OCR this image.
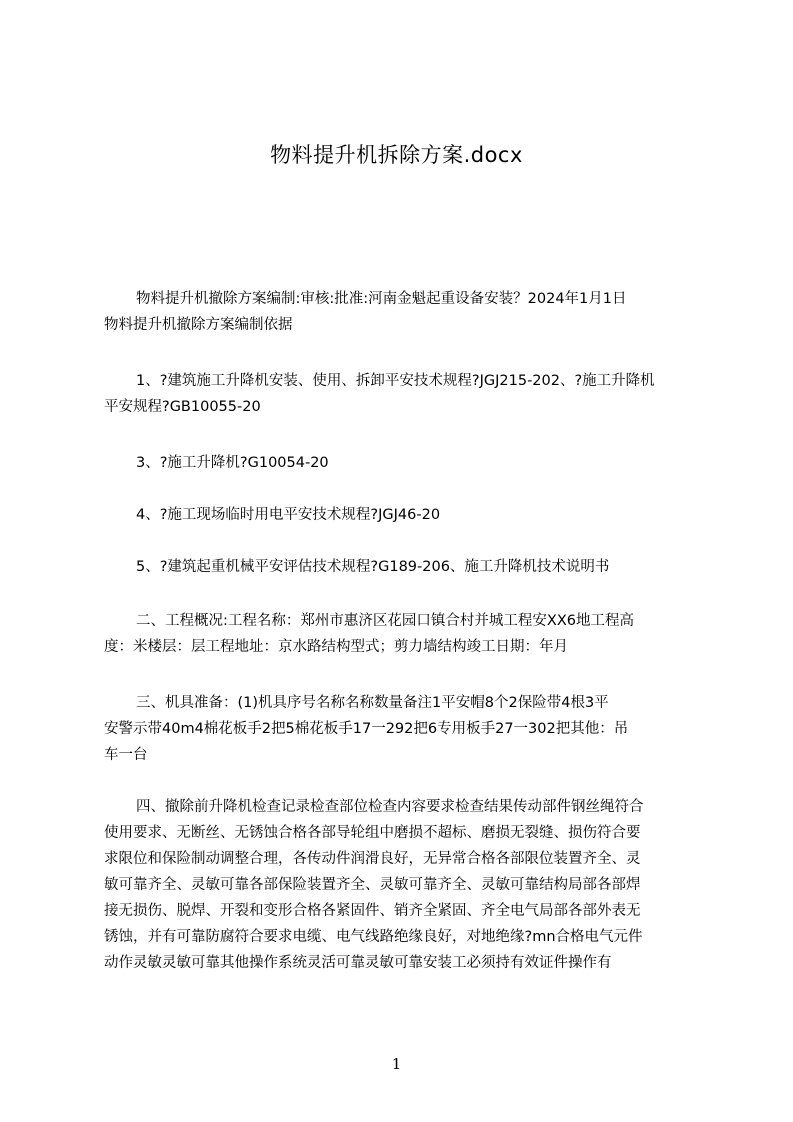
物料提升机拆除方案.docx
物料提升机撤除方案编制:审核:批准:河南金魁起重设备安装？2024年1月1日
物料提升机撤除方案编制依据
1、?建筑施工升降机安装、使用、拆卸平安技术规程?JGJ215-202、?施工升降机
平安规程?GB10055-20
3、?施工升降机?G10054-20
4、?施工现场临时用电平安技术规程?JGJ46-20
5、?建筑起重机械平安评估技术规程?G189-206、施工升降机技术说明书
二、工程概况:工程名称：郑州市惠济区花园口镇合村并城工程安XX6地工程高
度：米楼层：层工程地址：京水路结构型式；剪力墙结构竣工日期：年月
三、机具准备：(1)机具序号名称名称数量备注1平安帽8个2保险带4根3平
安警示带40m4棉花板手2把5棉花板手17一292把6专用板手27一302把其他：吊
车一台
四、撤除前升降机检查记录检查部位检查内容要求检查结果传动部件钢丝绳符合
使用要求、无断丝、无锈蚀合格各部导轮组中磨损不超标、磨损无裂缝、损伤符合要
求限位和保险制动调整合理，各传动件润滑良好，无异常合格各部限位装置齐全、灵
敏可靠齐全、灵敏可靠各部保险装置齐全、灵敏可靠齐全、灵敏可靠结构局部各部焊
接无损伤、脱焊、开裂和变形合格各紧固件、销齐全紧固、齐全电气局部各部外表无
锈蚀，并有可靠防腐符合要求电缆、电气线路绝缘良好，对地绝缘?mn合格电气元件
动作灵敏灵敏可靠其他操作系统灵活可靠灵敏可靠安装工必须持有效证件操作有
1
